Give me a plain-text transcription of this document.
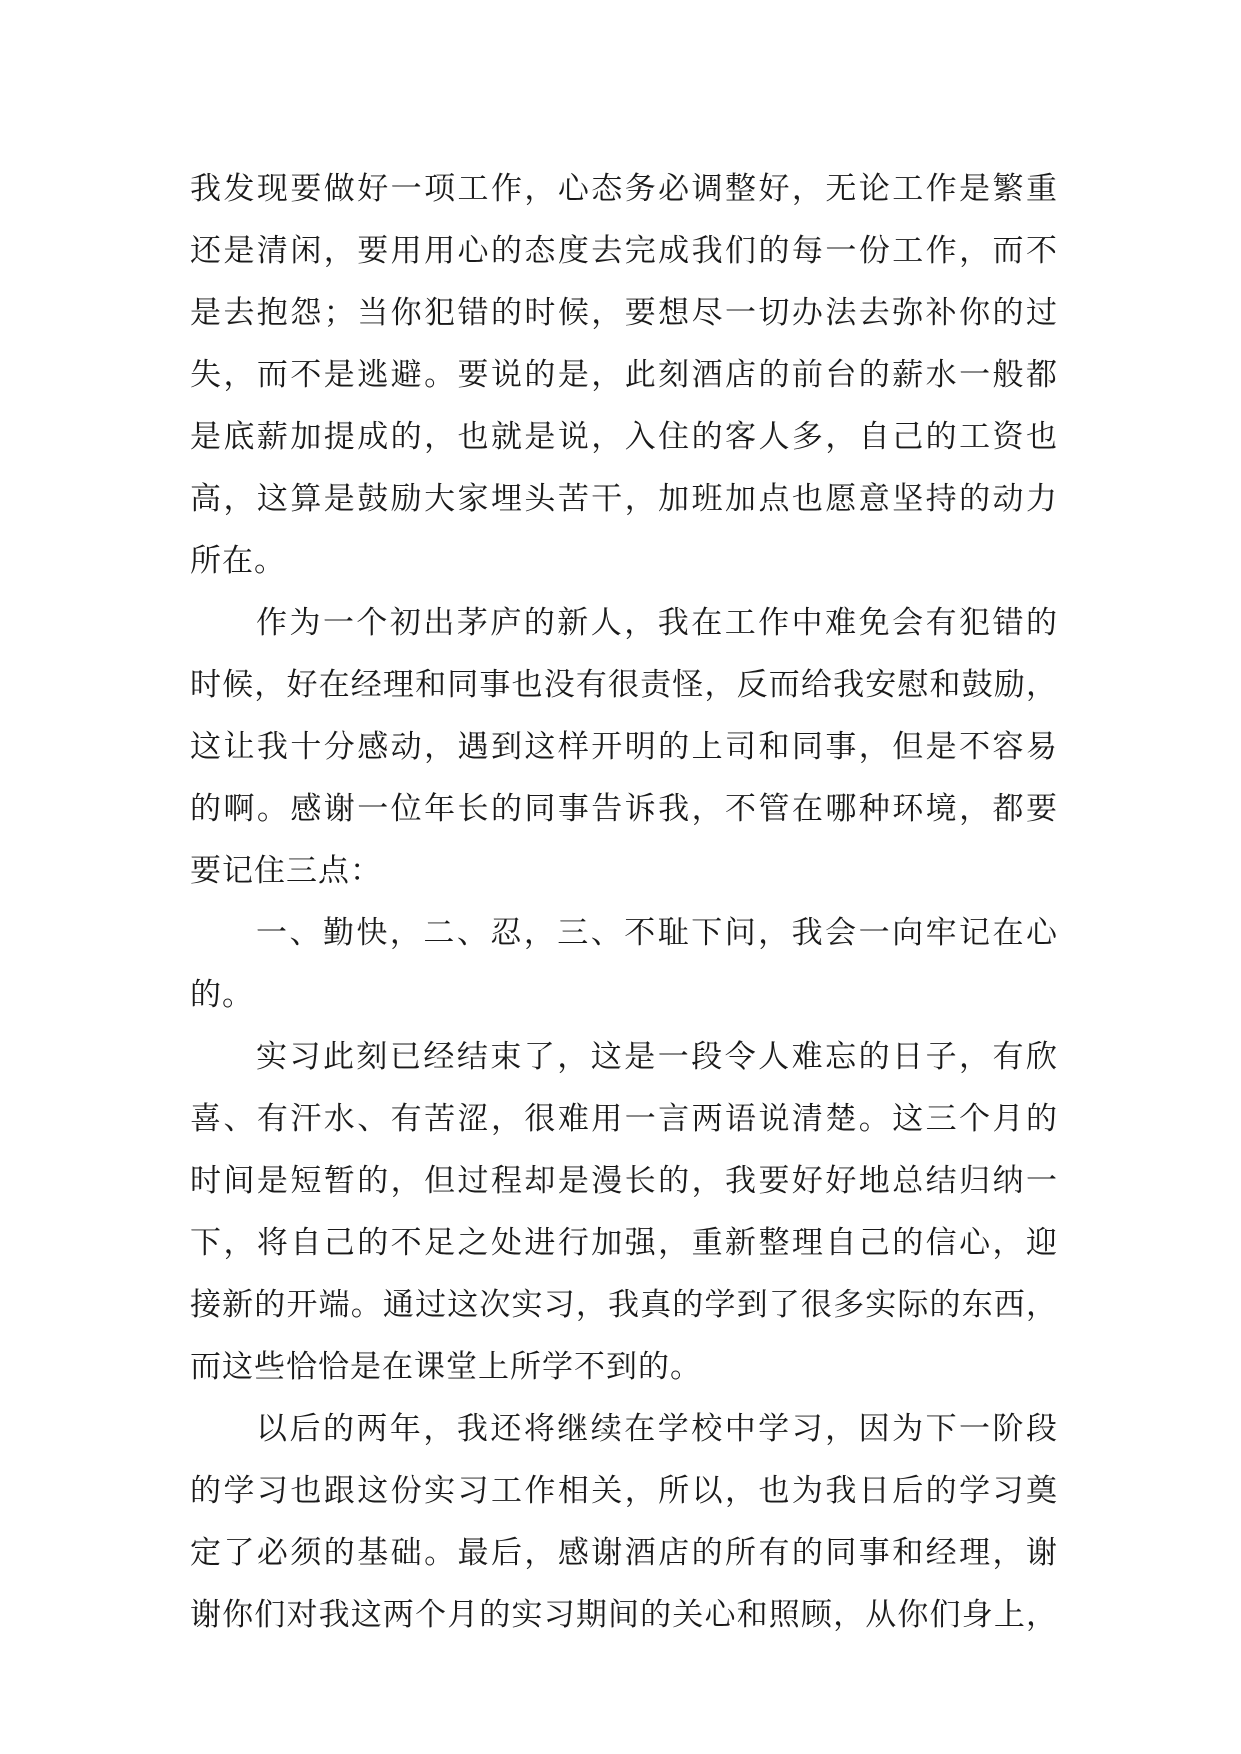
我发现要做好一项工作，心态务必调整好，无论工作是繁重
还是清闲，要用用心的态度去完成我们的每一份工作，而不
是去抱怨；当你犯错的时候，要想尽一切办法去弥补你的过
失，而不是逃避。要说的是，此刻酒店的前台的薪水一般都
是底薪加提成的，也就是说，入住的客人多，自己的工资也
高，这算是鼓励大家埋头苦干，加班加点也愿意坚持的动力
所在。
作为一个初出茅庐的新人，我在工作中难免会有犯错的
时候，好在经理和同事也没有很责怪，反而给我安慰和鼓励，
这让我十分感动，遇到这样开明的上司和同事，但是不容易
的啊。感谢一位年长的同事告诉我，不管在哪种环境，都要
要记住三点：
一、勤快，二、忍，三、不耻下问，我会一向牢记在心
的。
实习此刻已经结束了，这是一段令人难忘的日子，有欣
喜、有汗水、有苦涩，很难用一言两语说清楚。这三个月的
时间是短暂的，但过程却是漫长的，我要好好地总结归纳一
下，将自己的不足之处进行加强，重新整理自己的信心，迎
接新的开端。通过这次实习，我真的学到了很多实际的东西，
而这些恰恰是在课堂上所学不到的。
以后的两年，我还将继续在学校中学习，因为下一阶段
的学习也跟这份实习工作相关，所以，也为我日后的学习奠
定了必须的基础。最后，感谢酒店的所有的同事和经理，谢
谢你们对我这两个月的实习期间的关心和照顾，从你们身上，
